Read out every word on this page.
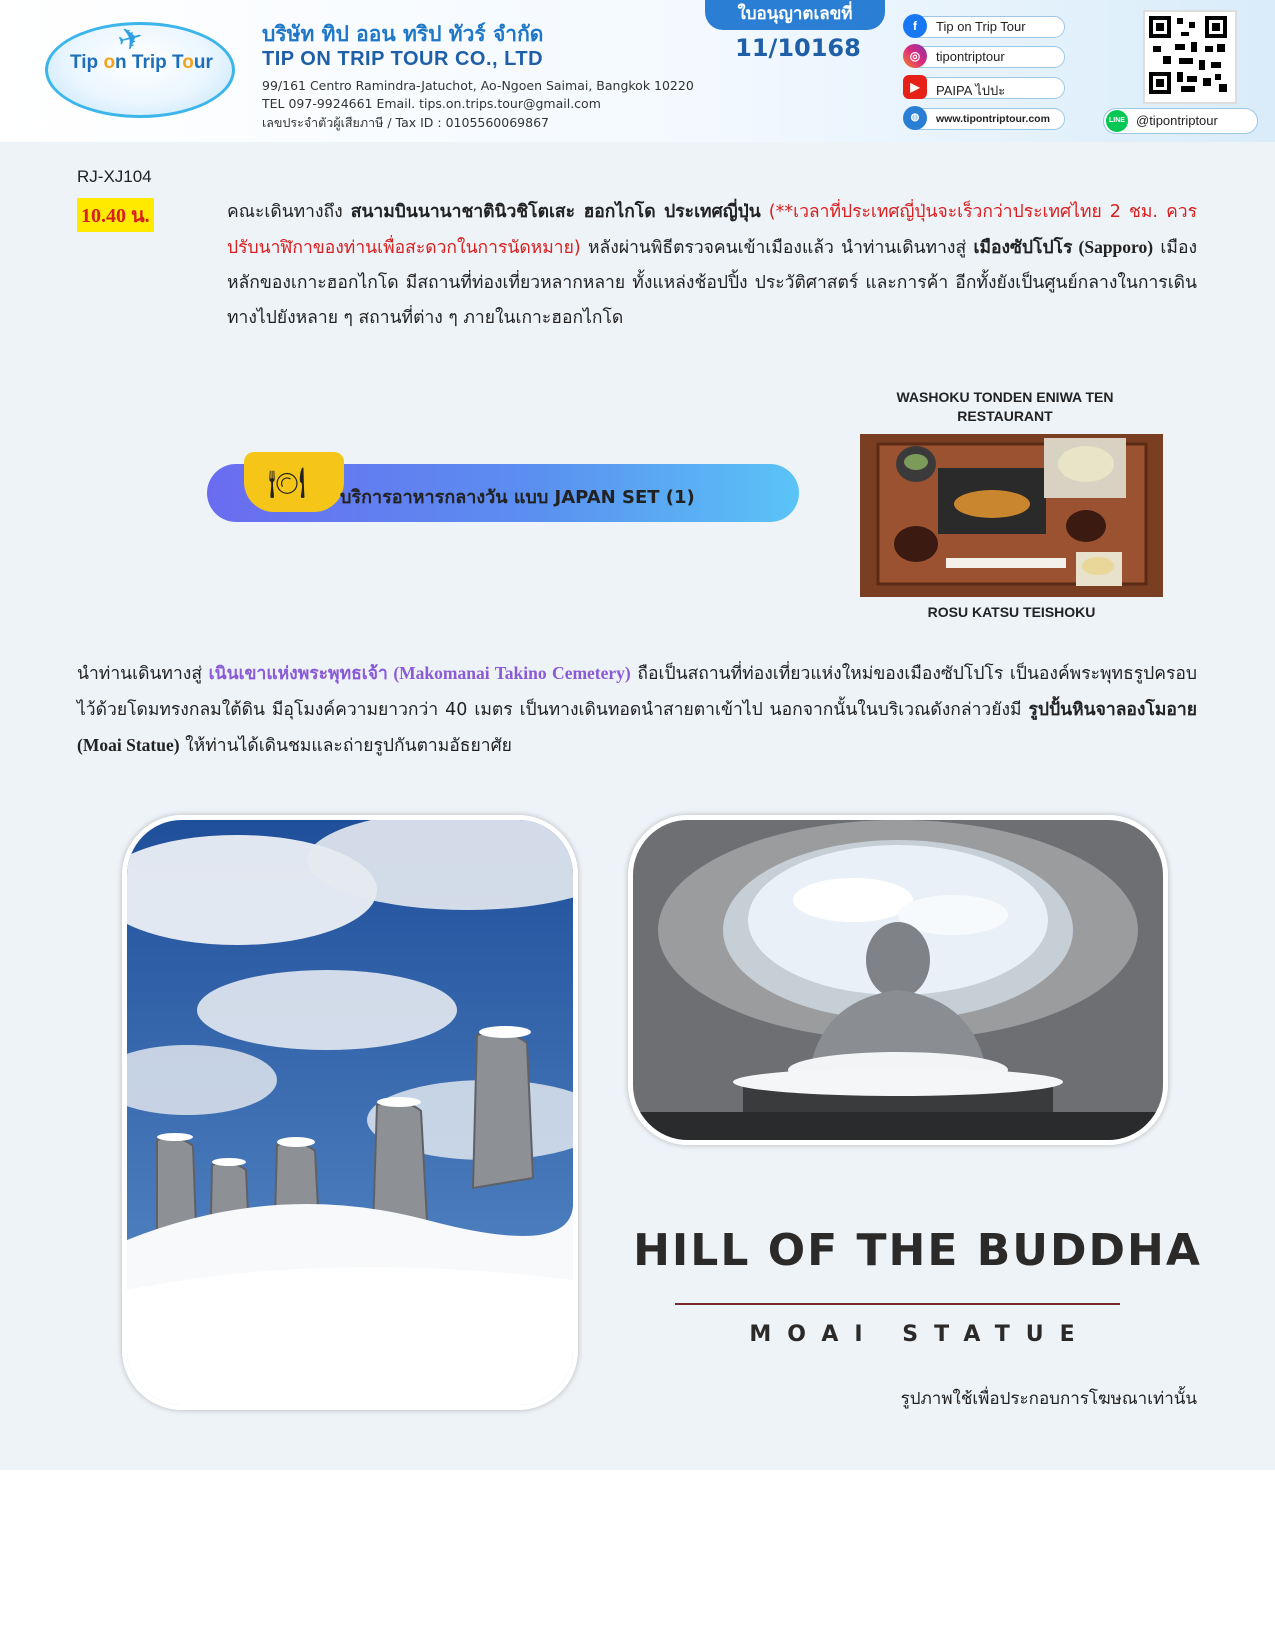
✈
Tip on Trip Tour
บริษัท ทิป ออน ทริป ทัวร์ จำกัด
TIP ON TRIP TOUR CO., LTD
99/161 Centro Ramindra-Jatuchot, Ao-Ngoen Saimai, Bangkok 10220
TEL 097-9924661 Email. tips.on.trips.tour@gmail.com
เลขประจำตัวผู้เสียภาษี / Tax ID : 0105560069867
ใบอนุญาตเลขที่
11/10168
f	Tip on Trip Tour
◎	tipontriptour
▶	PAIPA ไปปะ
◍	www.tipontriptour.com	LINE @tipontriptour
RJ-XJ104
10.40 น.	คณะเดินทางถึง สนามบินนานาชาตินิวชิโตเสะ ฮอกไกโด ประเทศญี่ปุ่น (**เวลาที่ประเทศญี่ปุ่นจะเร็วกว่าประเทศไทย 2 ชม. ควรปรับนาฬิกาของท่านเพื่อสะดวกในการนัดหมาย) หลังผ่านพิธีตรวจคนเข้าเมืองแล้ว นำท่านเดินทางสู่ เมืองซัปโปโร (Sapporo) เมืองหลักของเกาะฮอกไกโด มีสถานที่ท่องเที่ยวหลากหลาย ทั้งแหล่งช้อปปิ้ง ประวัติศาสตร์ และการค้า อีกทั้งยังเป็นศูนย์กลางในการเดินทางไปยังหลาย ๆ สถานที่ต่าง ๆ ภายในเกาะฮอกไกโด
🍽 บริการอาหารกลางวัน แบบ JAPAN SET (1)
WASHOKU TONDEN ENIWA TEN RESTAURANT
ROSU KATSU TEISHOKU
นำท่านเดินทางสู่ เนินเขาแห่งพระพุทธเจ้า (Makomanai Takino Cemetery) ถือเป็นสถานที่ท่องเที่ยวแห่งใหม่ของเมืองซัปโปโร เป็นองค์พระพุทธรูปครอบไว้ด้วยโดมทรงกลมใต้ดิน มีอุโมงค์ความยาวกว่า 40 เมตร เป็นทางเดินทอดนำสายตาเข้าไป นอกจากนั้นในบริเวณดังกล่าวยังมี รูปปั้นหินจาลองโมอาย (Moai Statue) ให้ท่านได้เดินชมและถ่ายรูปกันตามอัธยาศัย
HILL OF THE BUDDHA
MOAI STATUE
รูปภาพใช้เพื่อประกอบการโฆษณาเท่านั้น
